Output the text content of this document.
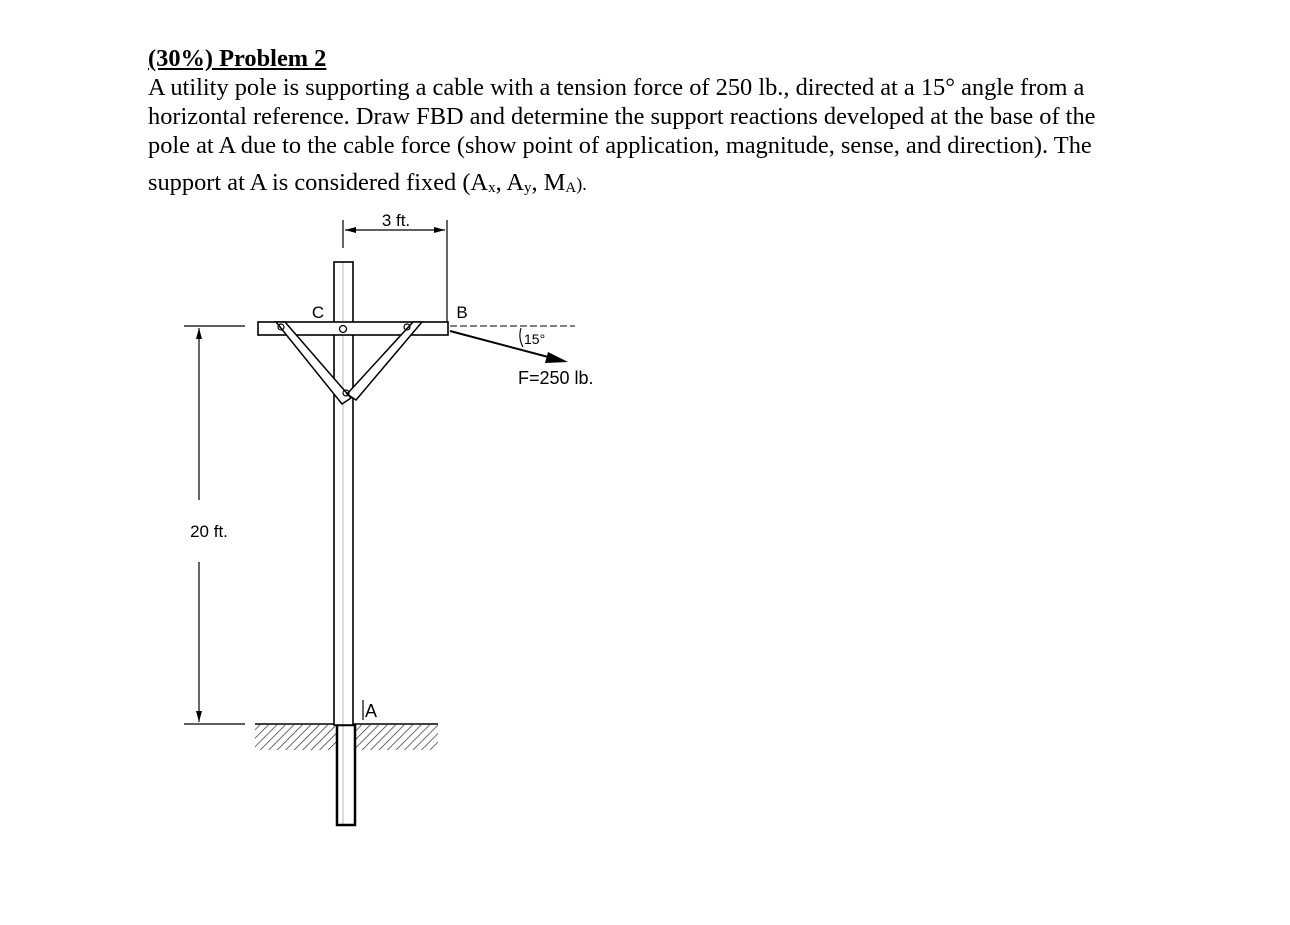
(30%) Problem 2

A utility pole is supporting a cable with a tension force of 250 lb., directed at a 15° angle from a

horizontal reference. Draw FBD and determine the support reactions developed at the base of the

pole at A due to the cable force (show point of application, magnitude, sense, and direction). The

support at A is considered fixed ($A_x$, $A_y$, $M_A$).

3 ft.
20 ft.
C	B
A
15°
F=250 lb.
